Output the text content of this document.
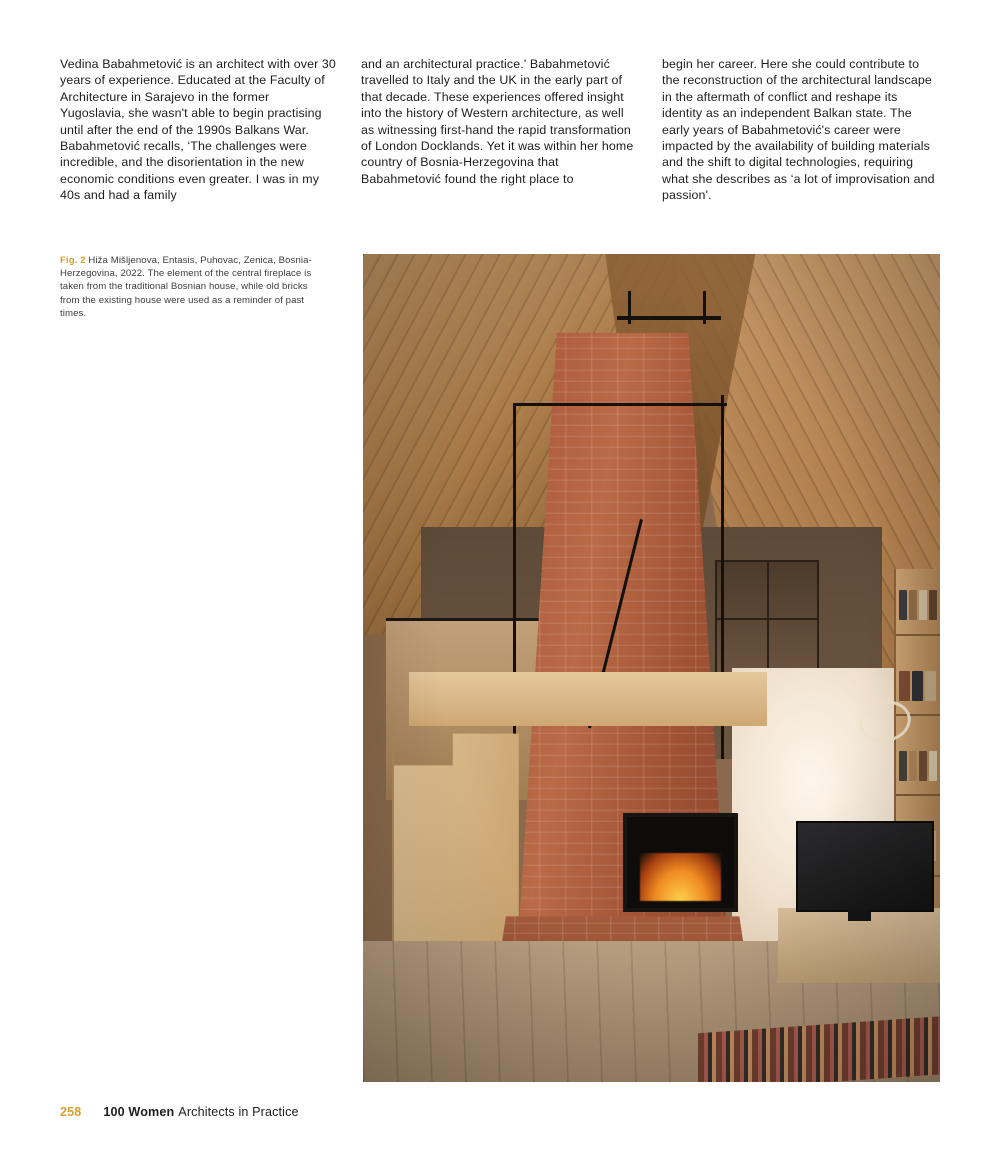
Vedina Babahmetović is an architect with over 30 years of experience. Educated at the Faculty of Architecture in Sarajevo in the former Yugoslavia, she wasn't able to begin practising until after the end of the 1990s Balkans War. Babahmetović recalls, ‘The challenges were incredible, and the disorientation in the new economic conditions even greater. I was in my 40s and had a family

and an architectural practice.' Babahmetović travelled to Italy and the UK in the early part of that decade. These experiences offered insight into the history of Western architecture, as well as witnessing first-hand the rapid transformation of London Docklands. Yet it was within her home country of Bosnia-Herzegovina that Babahmetović found the right place to

begin her career. Here she could contribute to the reconstruction of the architectural landscape in the aftermath of conflict and reshape its identity as an independent Balkan state. The early years of Babahmetović's career were impacted by the availability of building materials and the shift to digital technologies, requiring what she describes as ‘a lot of improvisation and passion'.

Fig. 2 Hiža Mišljenova, Entasis, Puhovac, Zenica, Bosnia-Herzegovina, 2022. The element of the central fireplace is taken from the traditional Bosnian house, while old bricks from the existing house were used as a reminder of past times.
258 100 Women Architects in Practice
